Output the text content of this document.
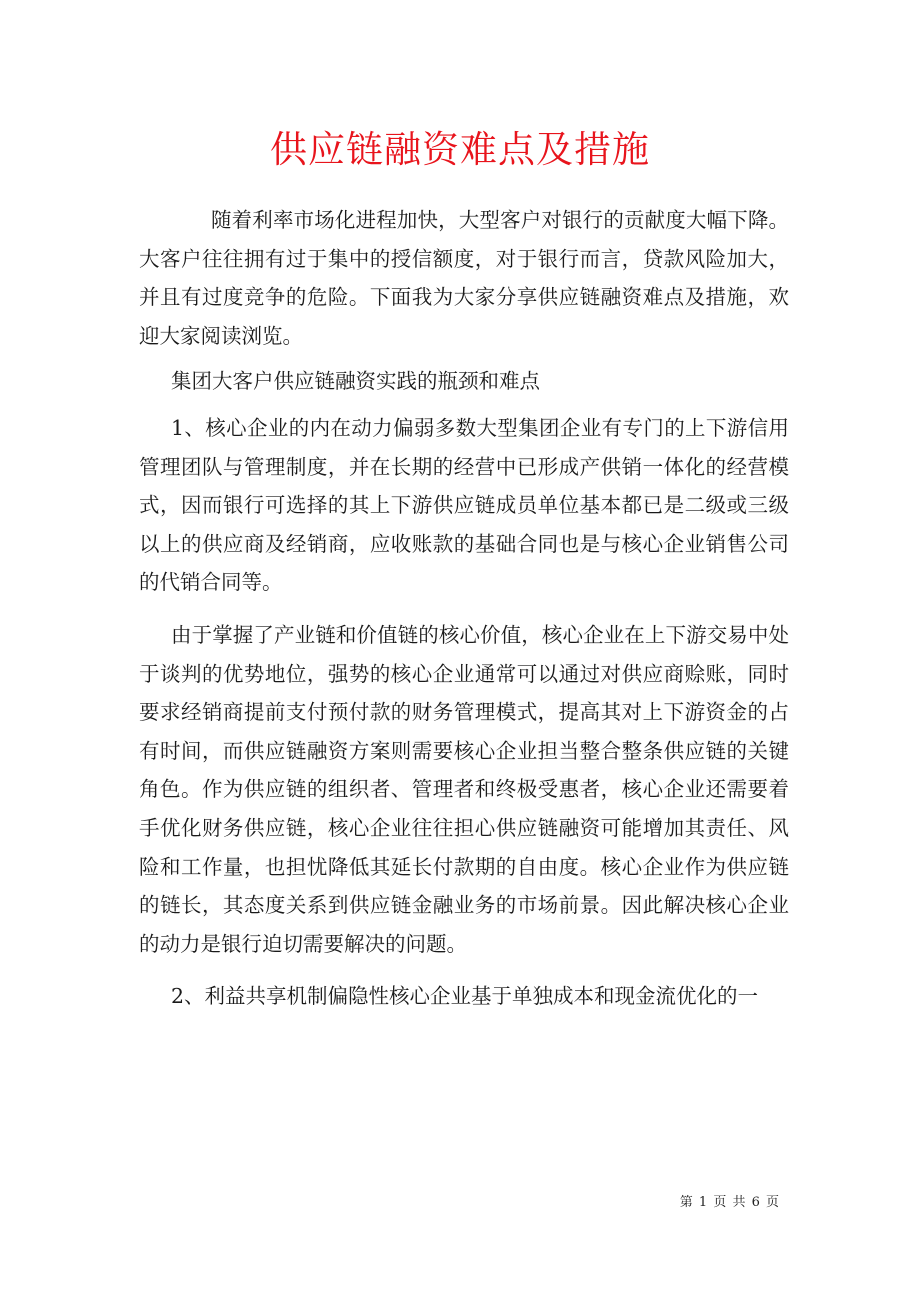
供应链融资难点及措施

随着利率市场化进程加快，大型客户对银行的贡献度大幅下降。大客户往往拥有过于集中的授信额度，对于银行而言，贷款风险加大，并且有过度竞争的危险。下面我为大家分享供应链融资难点及措施，欢迎大家阅读浏览。

集团大客户供应链融资实践的瓶颈和难点

1、核心企业的内在动力偏弱多数大型集团企业有专门的上下游信用管理团队与管理制度，并在长期的经营中已形成产供销一体化的经营模式，因而银行可选择的其上下游供应链成员单位基本都已是二级或三级以上的供应商及经销商，应收账款的基础合同也是与核心企业销售公司的代销合同等。

由于掌握了产业链和价值链的核心价值，核心企业在上下游交易中处于谈判的优势地位，强势的核心企业通常可以通过对供应商赊账，同时要求经销商提前支付预付款的财务管理模式，提高其对上下游资金的占有时间，而供应链融资方案则需要核心企业担当整合整条供应链的关键角色。作为供应链的组织者、管理者和终极受惠者，核心企业还需要着手优化财务供应链，核心企业往往担心供应链融资可能增加其责任、风险和工作量，也担忧降低其延长付款期的自由度。核心企业作为供应链的链长，其态度关系到供应链金融业务的市场前景。因此解决核心企业的动力是银行迫切需要解决的问题。

2、利益共享机制偏隐性核心企业基于单独成本和现金流优化的一

第 1 页 共 6 页
